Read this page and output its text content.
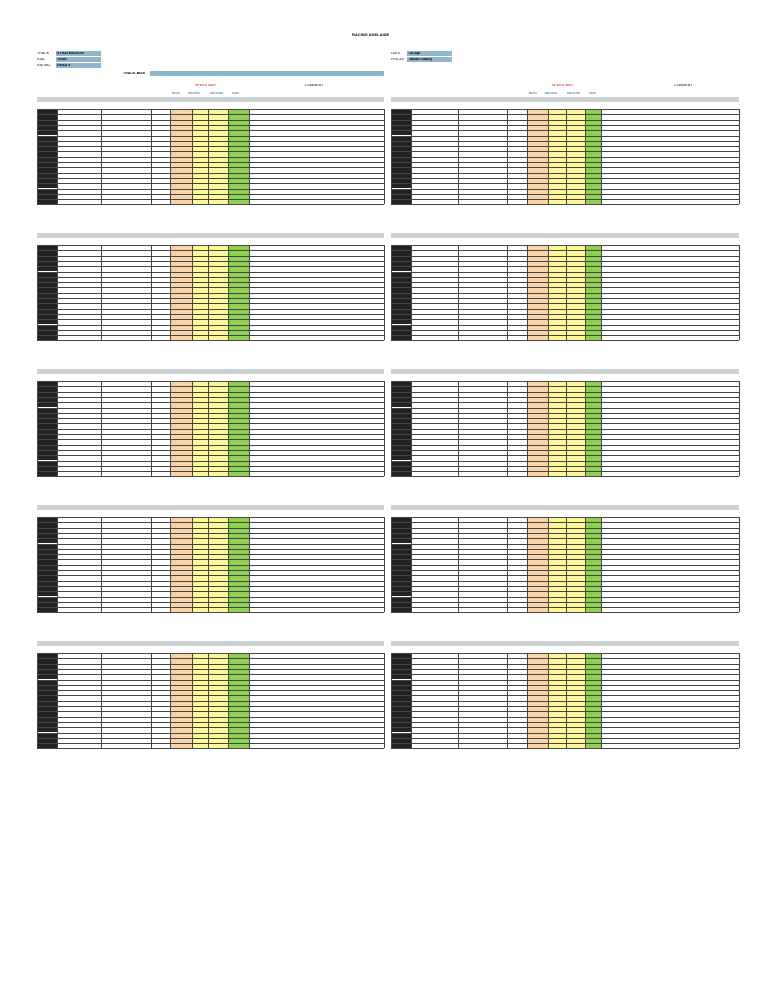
RACING ADELAIDE
TRACK STRATHALBYN
RAIL	TRUE
RATING DEAD 4
DATE 18-Apr
PRICES Jacob Colbey
TRACK BIAS
SPEED MAP	COMMENT
BACK	MID BCK	MID FWD	FWD
SPEED MAP	COMMENT
BACK	MID BCK	MID FWD	FWD
